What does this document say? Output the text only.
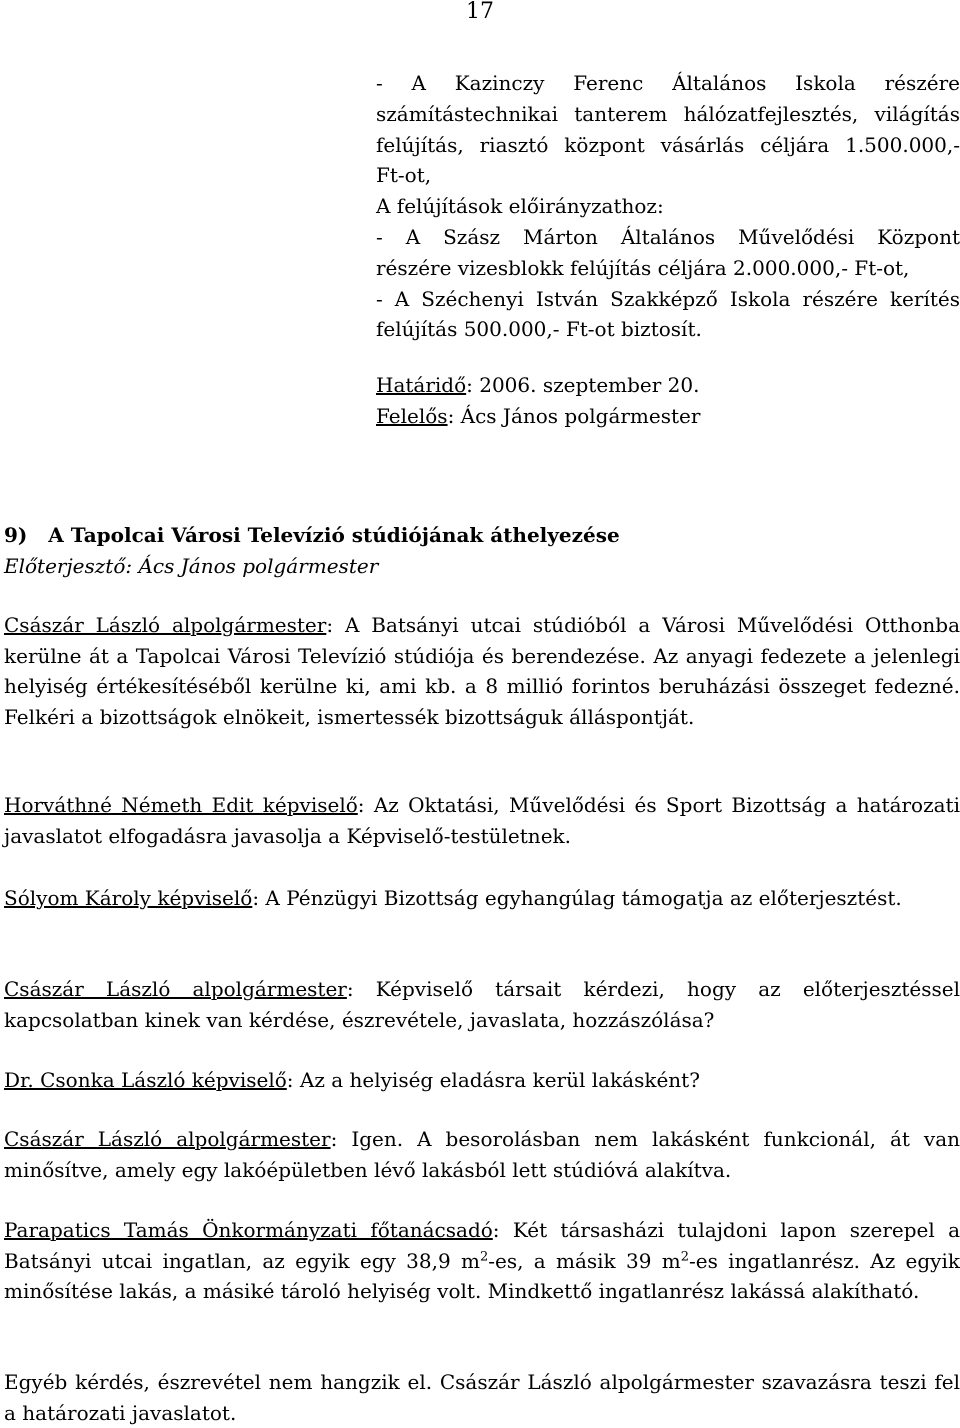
17

- A Kazinczy Ferenc Általános Iskola részére

számítástechnikai tanterem hálózatfejlesztés, világítás

felújítás, riasztó központ vásárlás céljára 1.500.000,-

Ft-ot,

A felújítások előirányzathoz:

- A Szász Márton Általános Művelődési Központ

részére vizesblokk felújítás céljára 2.000.000,- Ft-ot,

- A Széchenyi István Szakképző Iskola részére kerítés

felújítás 500.000,- Ft-ot biztosít.

Határidő: 2006. szeptember 20.

Felelős: Ács János polgármester

9)   A Tapolcai Városi Televízió stúdiójának áthelyezése

Előterjesztő: Ács János polgármester

Császár László alpolgármester: A Batsányi utcai stúdióból a Városi Művelődési Otthonba kerülne át a Tapolcai Városi Televízió stúdiója és berendezése. Az anyagi fedezete a jelenlegi helyiség értékesítéséből kerülne ki, ami kb. a 8 millió forintos beruházási összeget fedezné. Felkéri a bizottságok elnökeit, ismertessék bizottságuk álláspontját.

Horváthné Németh Edit képviselő: Az Oktatási, Művelődési és Sport Bizottság a határozati javaslatot elfogadásra javasolja a Képviselő-testületnek.

Sólyom Károly képviselő: A Pénzügyi Bizottság egyhangúlag támogatja az előterjesztést.

Császár László alpolgármester: Képviselő társait kérdezi, hogy az előterjesztéssel kapcsolatban kinek van kérdése, észrevétele, javaslata, hozzászólása?

Dr. Csonka László képviselő: Az a helyiség eladásra kerül lakásként?

Császár László alpolgármester: Igen. A besorolásban nem lakásként funkcionál, át van minősítve, amely egy lakóépületben lévő lakásból lett stúdióvá alakítva.

Parapatics Tamás Önkormányzati főtanácsadó: Két társasházi tulajdoni lapon szerepel a Batsányi utcai ingatlan, az egyik egy 38,9 $m^2-es$, a másik 39 $m^2-es$ ingatlanrész. Az egyik minősítése lakás, a másiké tároló helyiség volt. Mindkettő ingatlanrész lakássá alakítható.

Egyéb kérdés, észrevétel nem hangzik el. Császár László alpolgármester szavazásra teszi fel a határozati javaslatot.
